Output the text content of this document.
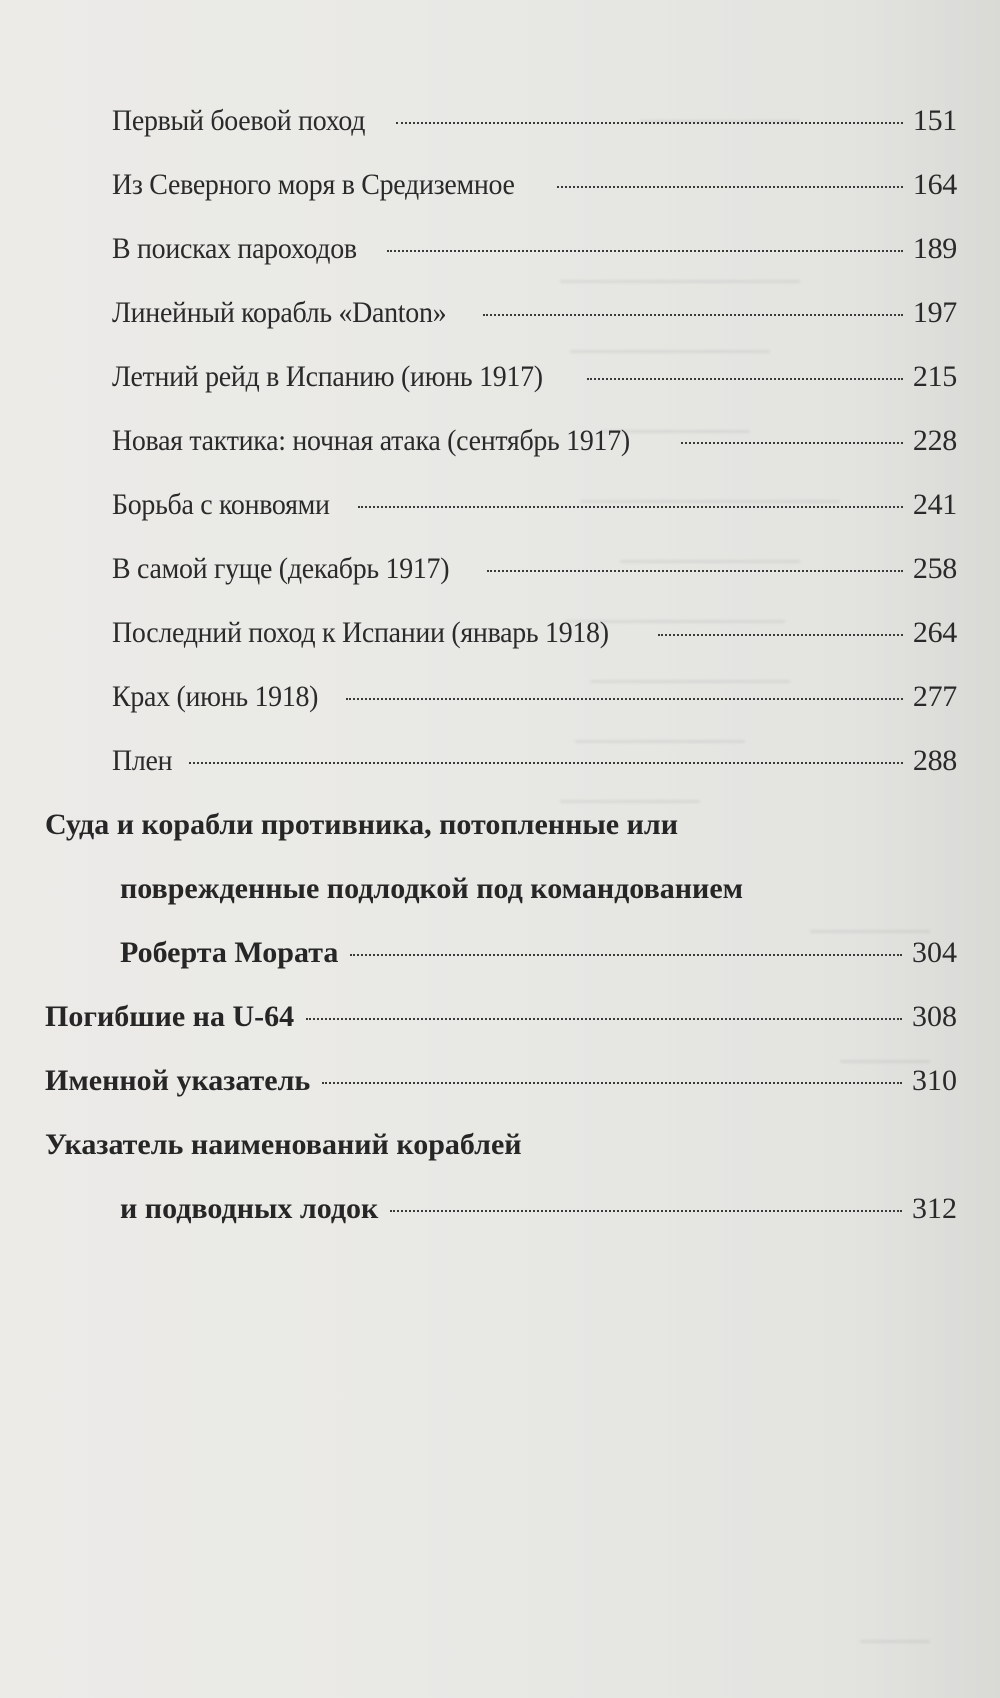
Первый боевой поход	151
Из Северного моря в Средиземное	164
В поисках пароходов	189
Линейный корабль «Danton»	197
Летний рейд в Испанию (июнь 1917)	215
Новая тактика: ночная атака (сентябрь 1917)	228
Борьба с конвоями	241
В самой гуще (декабрь 1917)	258
Последний поход к Испании (январь 1918)	264
Крах (июнь 1918)	277
Плен	288
Суда и корабли противника, потопленные или
поврежденные подлодкой под командованием
Роберта Мората	304
Погибшие на U-64	308
Именной указатель	310
Указатель наименований кораблей
и подводных лодок	312
